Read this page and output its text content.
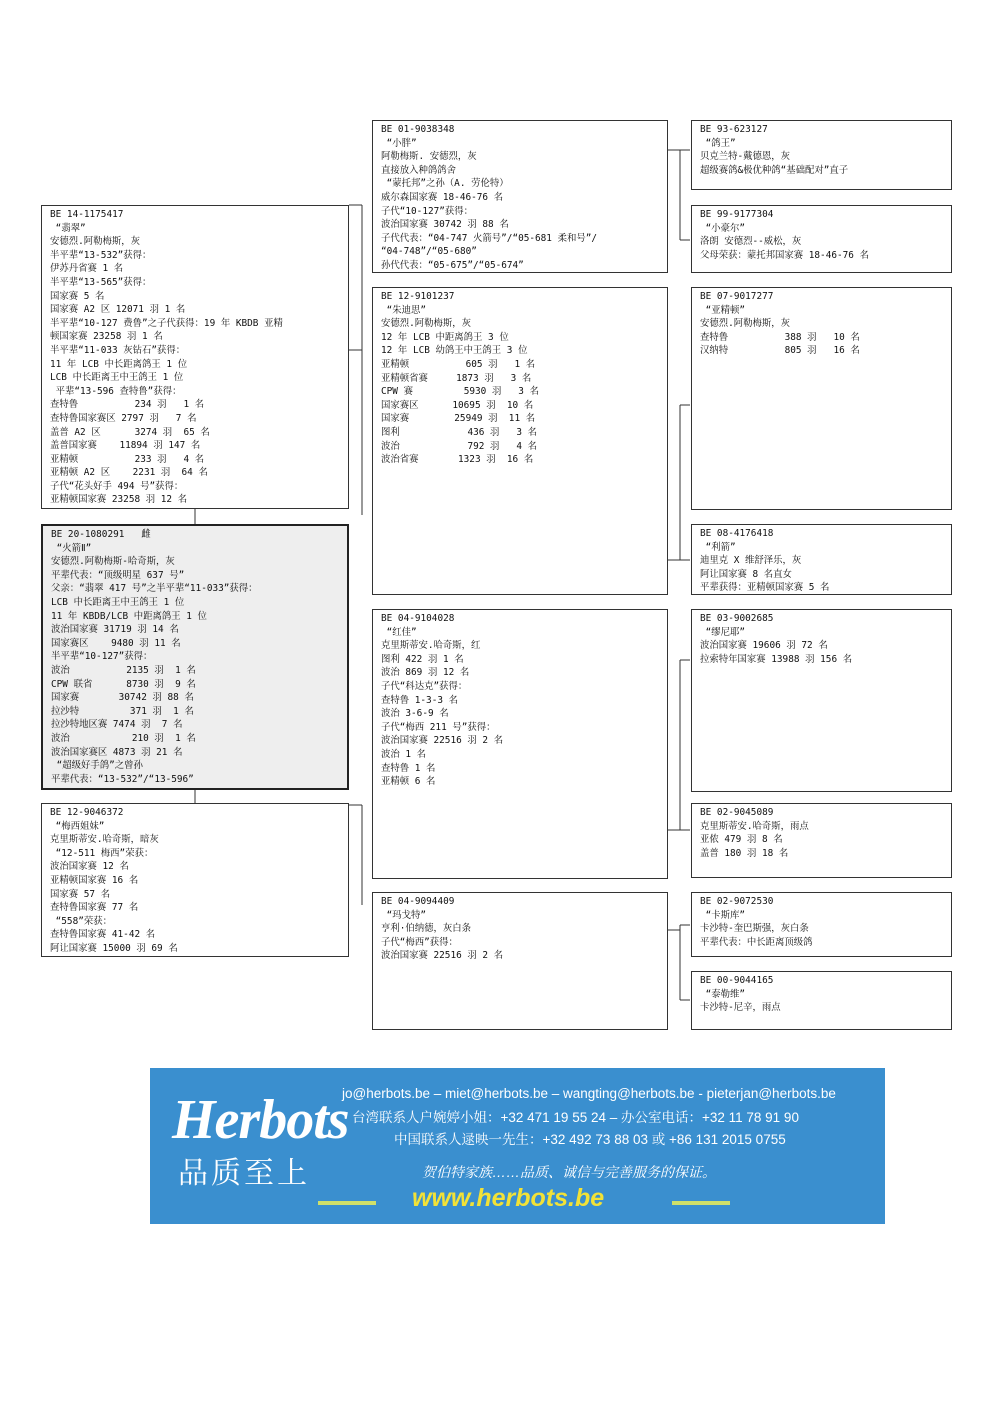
BE 14-1175417
“翡翠”
安德烈.阿勒梅斯，灰
半平辈“13-532”获得：
伊苏丹省赛 1 名
半平辈“13-565”获得：
国家赛 5 名
国家赛 A2 区 12071 羽 1 名
半平辈“10-127 费鲁”之子代获得：19 年 KBDB 亚精
顿国家赛 23258 羽 1 名
半平辈“11-033 灰钻石”获得：
11 年 LCB 中长距离鸽王 1 位
LCB 中长距离王中王鸽王 1 位
平辈“13-596 查特鲁”获得：
查特鲁          234 羽   1 名
查特鲁国家赛区 2797 羽   7 名
盖普 A2 区      3274 羽  65 名
盖普国家赛    11894 羽 147 名
亚精顿          233 羽   4 名
亚精顿 A2 区    2231 羽  64 名
子代“花头好手 494 号”获得：
亚精顿国家赛 23258 羽 12 名
BE 20-1080291   雌
“火箭Ⅱ”
安德烈.阿勒梅斯-哈奇斯，灰
平辈代表：“顶级明星 637 号”
父亲：“翡翠 417 号”之半平辈“11-033”获得：
LCB 中长距离王中王鸽王 1 位
11 年 KBDB/LCB 中距离鸽王 1 位
波治国家赛 31719 羽 14 名
国家赛区    9480 羽 11 名
半平辈“10-127”获得：
波治          2135 羽  1 名
CPW 联省      8730 羽  9 名
国家赛       30742 羽 88 名
拉沙特         371 羽  1 名
拉沙特地区赛 7474 羽  7 名
波治           210 羽  1 名
波治国家赛区 4873 羽 21 名
“超级好手鸽”之曾孙
平辈代表：“13-532”/“13-596”
BE 12-9046372
“梅西姐妹”
克里斯蒂安.哈奇斯，暗灰
“12-511 梅西”荣获：
波治国家赛 12 名
亚精顿国家赛 16 名
国家赛 57 名
查特鲁国家赛 77 名
“558”荣获：
查特鲁国家赛 41-42 名
阿让国家赛 15000 羽 69 名
BE 01-9038348
“小胖”
阿勒梅斯. 安德烈，灰
直接放入种鸽鸽舍
“蒙托邦”之孙（A. 劳伦特）
威尔森国家赛 18-46-76 名
子代“10-127”获得：
波治国家赛 30742 羽 88 名
子代代表：“04-747 火箭号”/“05-681 柔和号”/
“04-748”/“05-680”
孙代代表：“05-675”/“05-674”
BE 12-9101237
“朱迪思”
安德烈.阿勒梅斯，灰
12 年 LCB 中距离鸽王 3 位
12 年 LCB 幼鸽王中王鸽王 3 位
亚精顿          605 羽   1 名
亚精顿省赛     1873 羽   3 名
CPW 赛         5930 羽   3 名
国家赛区      10695 羽  10 名
国家赛        25949 羽  11 名
图利            436 羽   3 名
波治            792 羽   4 名
波治省赛       1323 羽  16 名
BE 04-9104028
“红佳”
克里斯蒂安.哈奇斯，红
图利 422 羽 1 名
波治 869 羽 12 名
子代“科达克”获得：
查特鲁 1-3-3 名
波治 3-6-9 名
子代“梅西 211 号”获得：
波治国家赛 22516 羽 2 名
波治 1 名
查特鲁 1 名
亚精顿 6 名
BE 04-9094409
“玛戈特”
亨利·伯纳德，灰白条
子代“梅西”获得：
波治国家赛 22516 羽 2 名
BE 93-623127
“鸽王”
贝克兰特-戴德恩，灰
超级赛鸽&极优种鸽“基础配对”直子
BE 99-9177304
“小豪尔”
洛朗 安德烈--威松，灰
父母荣获：蒙托邦国家赛 18-46-76 名
BE 07-9017277
“亚精顿”
安德烈.阿勒梅斯，灰
查特鲁          388 羽   10 名
汉纳特          805 羽   16 名
BE 08-4176418
“利箭”
迪里克 X 维舒泽乐，灰
阿让国家赛 8 名直女
平辈获得：亚精顿国家赛 5 名
BE 03-9002685
“缪尼耶”
波治国家赛 19606 羽 72 名
拉索特年国家赛 13988 羽 156 名
BE 02-9045089
克里斯蒂安.哈奇斯，雨点
亚侬 479 羽 8 名
盖普 180 羽 18 名
BE 02-9072530
“卡斯库”
卡沙特-奎巴斯强，灰白条
平辈代表：中长距离顶级鸽
BE 00-9044165
“泰勒维”
卡沙特-尼辛，雨点
Herbots
品质至上
jo@herbots.be – miet@herbots.be – wangting@herbots.be - pieterjan@herbots.be
台湾联系人户婉婷小姐：+32 471 19 55 24 – 办公室电话：+32 11 78 91 90
中国联系人逯映一先生：+32 492 73 88 03 或 +86 131 2015 0755
贺伯特家族……品质、诚信与完善服务的保证。
www.herbots.be
